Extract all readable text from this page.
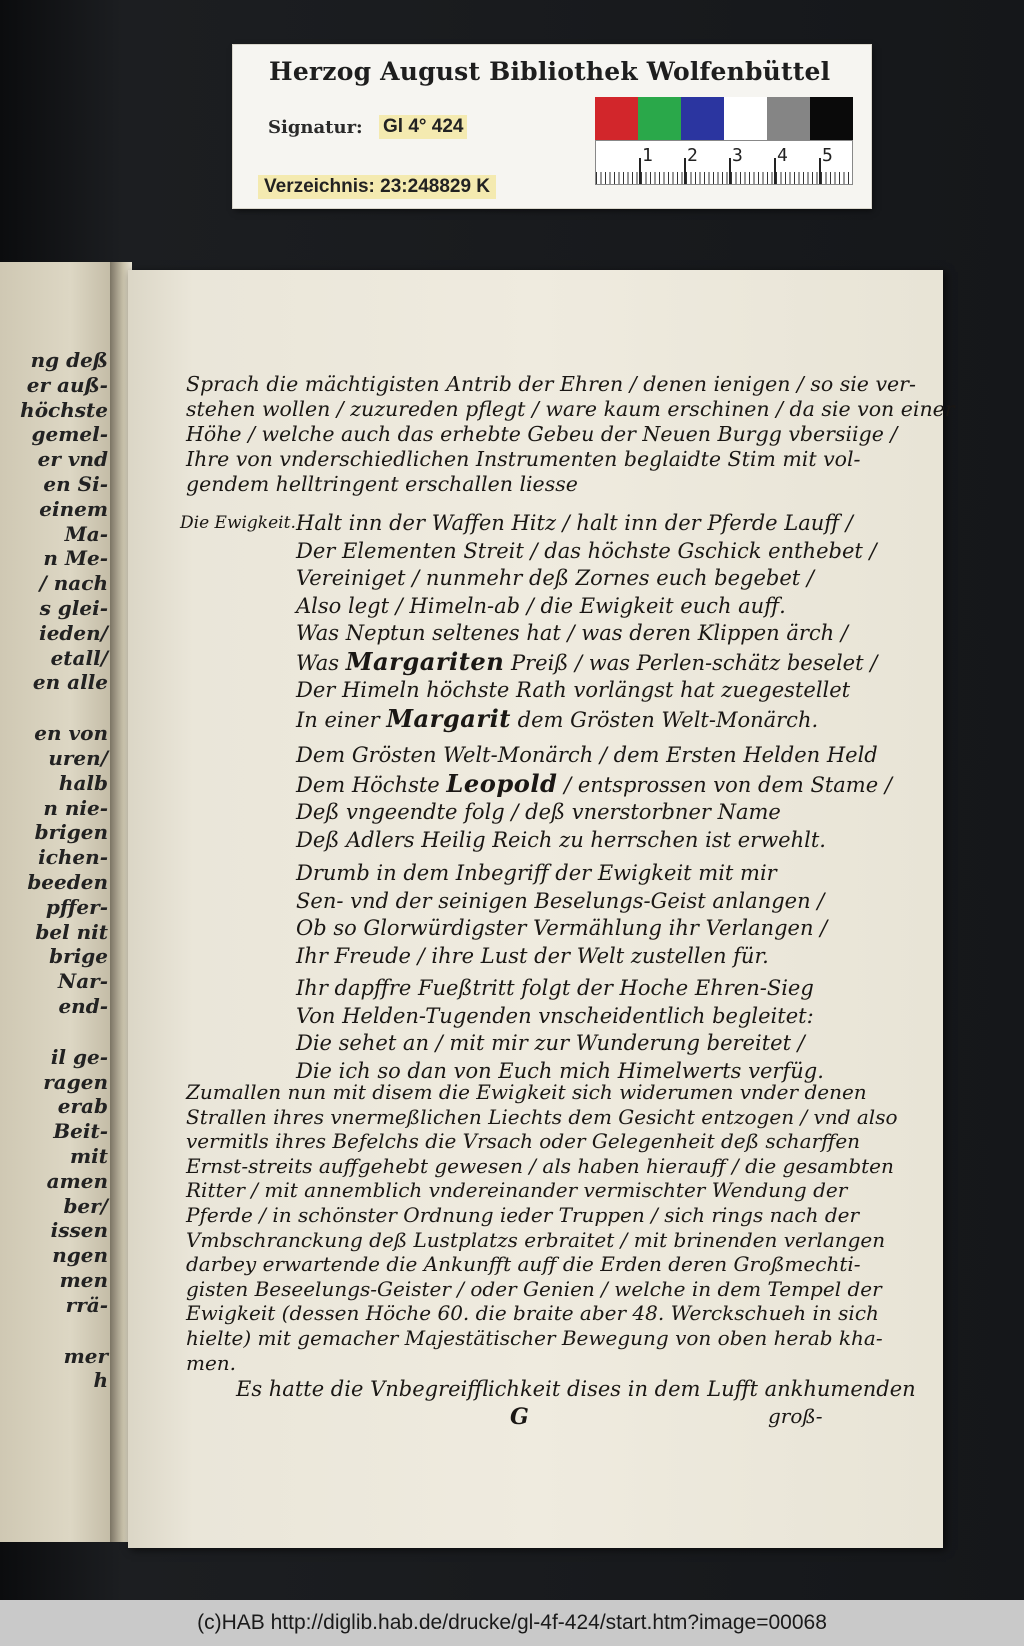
Herzog August Bibliothek Wolfenbüttel
Signatur: Gl 4° 424
Verzeichnis: 23:248829 K
1 2 3 4 5
ng deß
er auß-
höchste
gemel-
er vnd
en Si-
einem
Ma-
n Me-
/ nach
s glei-
ieden/
etall/
en alle
en von
uren/
halb
n nie-
brigen
ichen-
beeden
pffer-
bel nit
brige
Nar-
end-
il ge-
ragen
erab
Beit-
mit
amen
ber/
issen
ngen
men
rrä-
mer
h
Sprach die mächtigisten Antrib der Ehren / denen ienigen / so sie ver-
stehen wollen / zuzureden pflegt / ware kaum erschinen / da sie von einer
Höhe / welche auch das erhebte Gebeu der Neuen Burgg vbersiige /
Ihre von vnderschiedlichen Instrumenten beglaidte Stim mit vol-
gendem helltringent erschallen liesse
Die Ewigkeit. Halt inn der Waffen Hitz / halt inn der Pferde Lauff /
Der Elementen Streit / das höchste Gschick enthebet /
Vereiniget / nunmehr deß Zornes euch begebet /
Also legt / Himeln-ab / die Ewigkeit euch auff.
Was Neptun seltenes hat / was deren Klippen ärch /
Was Margariten Preiß / was Perlen-schätz beselet /
Der Himeln höchste Rath vorlängst hat zuegestellet
In einer Margarit dem Grösten Welt-Monärch.
Dem Grösten Welt-Monärch / dem Ersten Helden Held
Dem Höchste Leopold / entsprossen von dem Stame /
Deß vngeendte folg / deß vnerstorbner Name
Deß Adlers Heilig Reich zu herrschen ist erwehlt.
Drumb in dem Inbegriff der Ewigkeit mit mir
Sen- vnd der seinigen Beselungs-Geist anlangen /
Ob so Glorwürdigster Vermählung ihr Verlangen /
Ihr Freude / ihre Lust der Welt zustellen für.
Ihr dapffre Fueßtritt folgt der Hoche Ehren-Sieg
Von Helden-Tugenden vnscheidentlich begleitet:
Die sehet an / mit mir zur Wunderung bereitet /
Die ich so dan von Euch mich Himelwerts verfüg.
Zumallen nun mit disem die Ewigkeit sich widerumen vnder denen
Strallen ihres vnermeßlichen Liechts dem Gesicht entzogen / vnd also
vermitls ihres Befelchs die Vrsach oder Gelegenheit deß scharffen
Ernst-streits auffgehebt gewesen / als haben hierauff / die gesambten
Ritter / mit annemblich vndereinander vermischter Wendung der
Pferde / in schönster Ordnung ieder Truppen / sich rings nach der
Vmbschranckung deß Lustplatzs erbraitet / mit brinenden verlangen
darbey erwartende die Ankunfft auff die Erden deren Großmechti-
gisten Beseelungs-Geister / oder Genien / welche in dem Tempel der
Ewigkeit (dessen Höche 60. die braite aber 48. Werckschueh in sich
hielte) mit gemacher Majestätischer Bewegung von oben herab kha-
men.
Es hatte die Vnbegreifflichkeit dises in dem Lufft ankhumenden
G	groß-
(c)HAB http://diglib.hab.de/drucke/gl-4f-424/start.htm?image=00068
